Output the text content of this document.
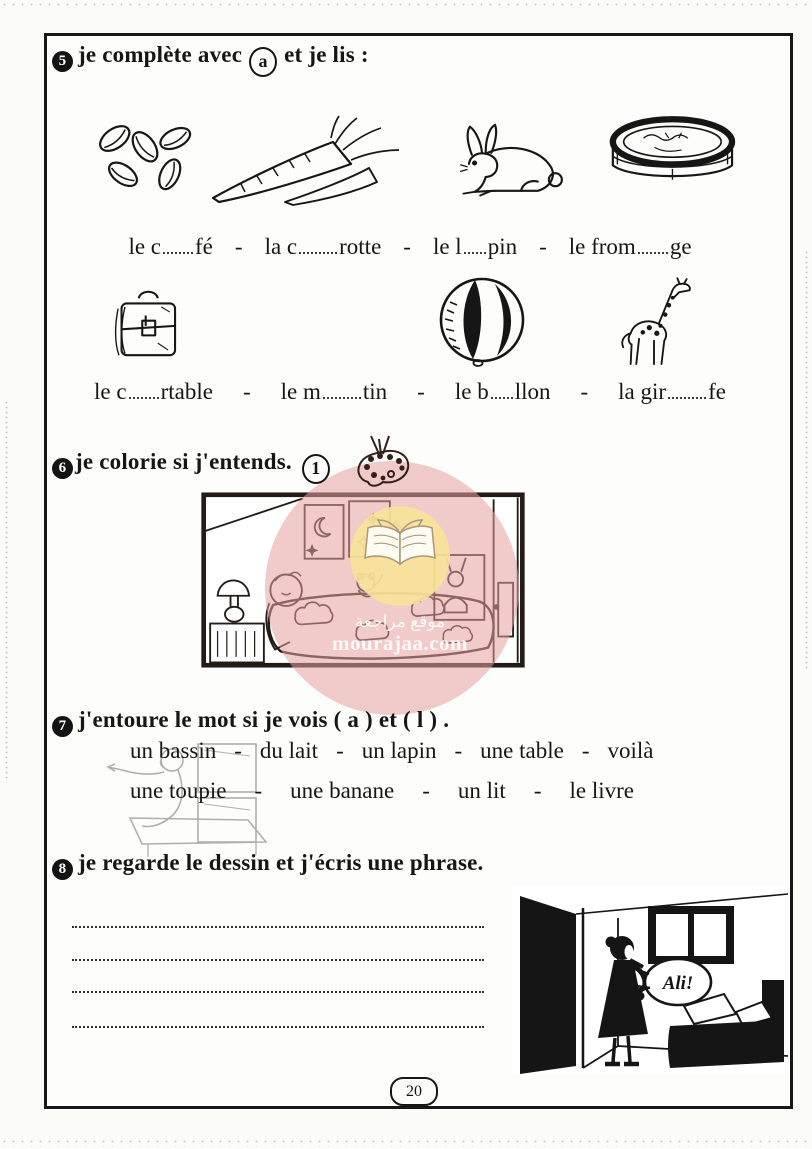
5 je complète avec a et je lis :
le c fé - la c rotte - le l pin - le from ge
le c rtable - le m tin - le b llon - la gir fe
6 je colorie si j'entends. 1
موقع مراجعة
mourajaa.com
7 j'entoure le mot si je vois ( a ) et ( l ) .
un bassin - du lait - un lapin - une table - voilà
une toupie - une banane - un lit - le livre
8 je regarde le dessin et j'écris une phrase.
Ali!
20
